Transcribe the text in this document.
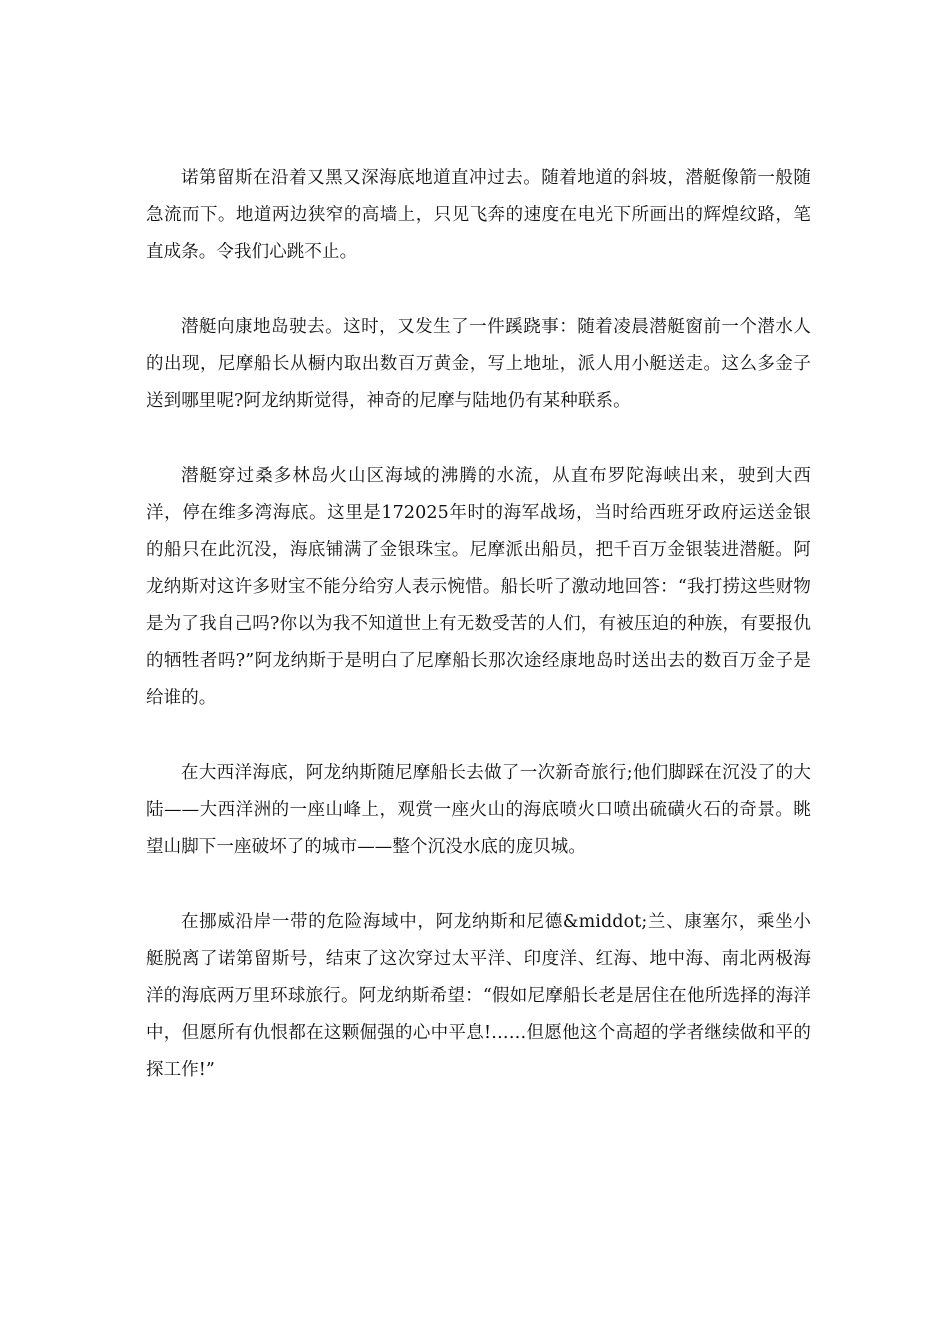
诺第留斯在沿着又黑又深海底地道直冲过去。随着地道的斜坡，潜艇像箭一般随急流而下。地道两边狭窄的高墙上，只见飞奔的速度在电光下所画出的辉煌纹路，笔直成条。令我们心跳不止。

潜艇向康地岛驶去。这时，又发生了一件蹊跷事：随着凌晨潜艇窗前一个潜水人的出现，尼摩船长从橱内取出数百万黄金，写上地址，派人用小艇送走。这么多金子送到哪里呢?阿龙纳斯觉得，神奇的尼摩与陆地仍有某种联系。

潜艇穿过桑多林岛火山区海域的沸腾的水流，从直布罗陀海峡出来，驶到大西洋，停在维多湾海底。这里是172025年时的海军战场，当时给西班牙政府运送金银的船只在此沉没，海底铺满了金银珠宝。尼摩派出船员，把千百万金银装进潜艇。阿龙纳斯对这许多财宝不能分给穷人表示惋惜。船长听了激动地回答：“我打捞这些财物是为了我自己吗?你以为我不知道世上有无数受苦的人们，有被压迫的种族，有要报仇的牺牲者吗?”阿龙纳斯于是明白了尼摩船长那次途经康地岛时送出去的数百万金子是给谁的。

在大西洋海底，阿龙纳斯随尼摩船长去做了一次新奇旅行;他们脚踩在沉没了的大陆——大西洋洲的一座山峰上，观赏一座火山的海底喷火口喷出硫磺火石的奇景。眺望山脚下一座破坏了的城市——整个沉没水底的庞贝城。

在挪威沿岸一带的危险海域中，阿龙纳斯和尼德&middot;兰、康塞尔，乘坐小艇脱离了诺第留斯号，结束了这次穿过太平洋、印度洋、红海、地中海、南北两极海洋的海底两万里环球旅行。阿龙纳斯希望：“假如尼摩船长老是居住在他所选择的海洋中，但愿所有仇恨都在这颗倔强的心中平息!……但愿他这个高超的学者继续做和平的探工作!”
